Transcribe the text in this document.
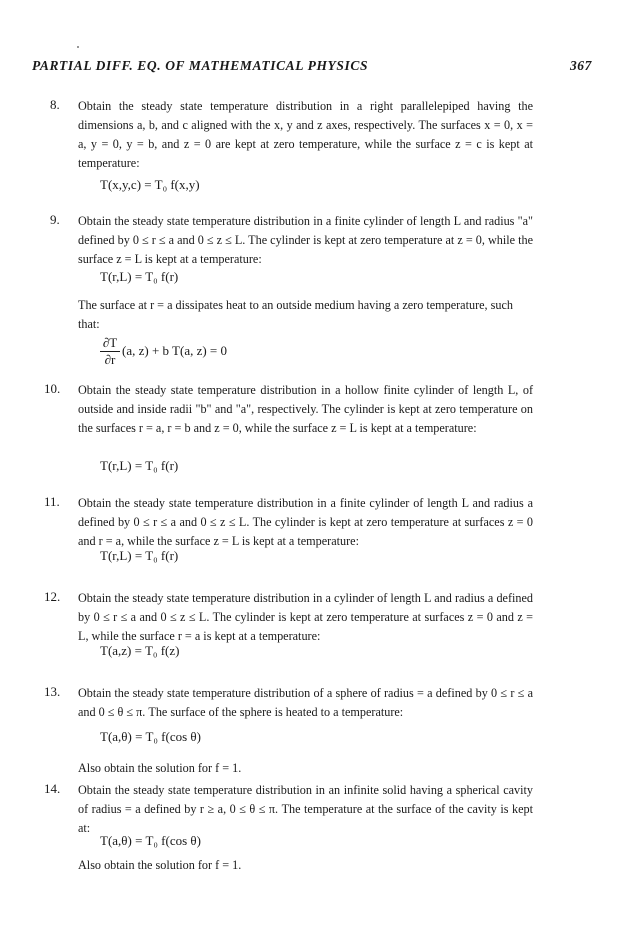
PARTIAL DIFF. EQ. OF MATHEMATICAL PHYSICS	367
8. Obtain the steady state temperature distribution in a right parallelepiped having the dimensions a, b, and c aligned with the x, y and z axes, respectively. The surfaces x = 0, x = a, y = 0, y = b, and z = 0 are kept at zero temperature, while the surface z = c is kept at temperature:
T(x,y,c) = T₀ f(x,y)
9. Obtain the steady state temperature distribution in a finite cylinder of length L and radius "a" defined by 0 ≤ r ≤ a and 0 ≤ z ≤ L. The cylinder is kept at zero temperature at z = 0, while the surface z = L is kept at a temperature:
T(r,L) = T₀ f(r)
The surface at r = a dissipates heat to an outside medium having a zero temperature, such that:
∂T
∂r
(a, z) + b T(a, z) = 0
10. Obtain the steady state temperature distribution in a hollow finite cylinder of length L, of outside and inside radii "b" and "a", respectively. The cylinder is kept at zero temperature on the surfaces r = a, r = b and z = 0, while the surface z = L is kept at a temperature:
T(r,L) = T₀ f(r)
11. Obtain the steady state temperature distribution in a finite cylinder of length L and radius a defined by 0 ≤ r ≤ a and 0 ≤ z ≤ L. The cylinder is kept at zero temperature at surfaces z = 0 and r = a, while the surface z = L is kept at a temperature:
T(r,L) = T₀ f(r)
12. Obtain the steady state temperature distribution in a cylinder of length L and radius a defined by 0 ≤ r ≤ a and 0 ≤ z ≤ L. The cylinder is kept at zero temperature at surfaces z = 0 and z = L, while the surface r = a is kept at a temperature:
T(a,z) = T₀ f(z)
13. Obtain the steady state temperature distribution of a sphere of radius = a defined by 0 ≤ r ≤ a and 0 ≤ θ ≤ π. The surface of the sphere is heated to a temperature:
T(a,θ) = T₀ f(cos θ)
Also obtain the solution for f = 1.
14. Obtain the steady state temperature distribution in an infinite solid having a spherical cavity of radius = a defined by r ≥ a, 0 ≤ θ ≤ π. The temperature at the surface of the cavity is kept at:
T(a,θ) = T₀ f(cos θ)
Also obtain the solution for f = 1.
